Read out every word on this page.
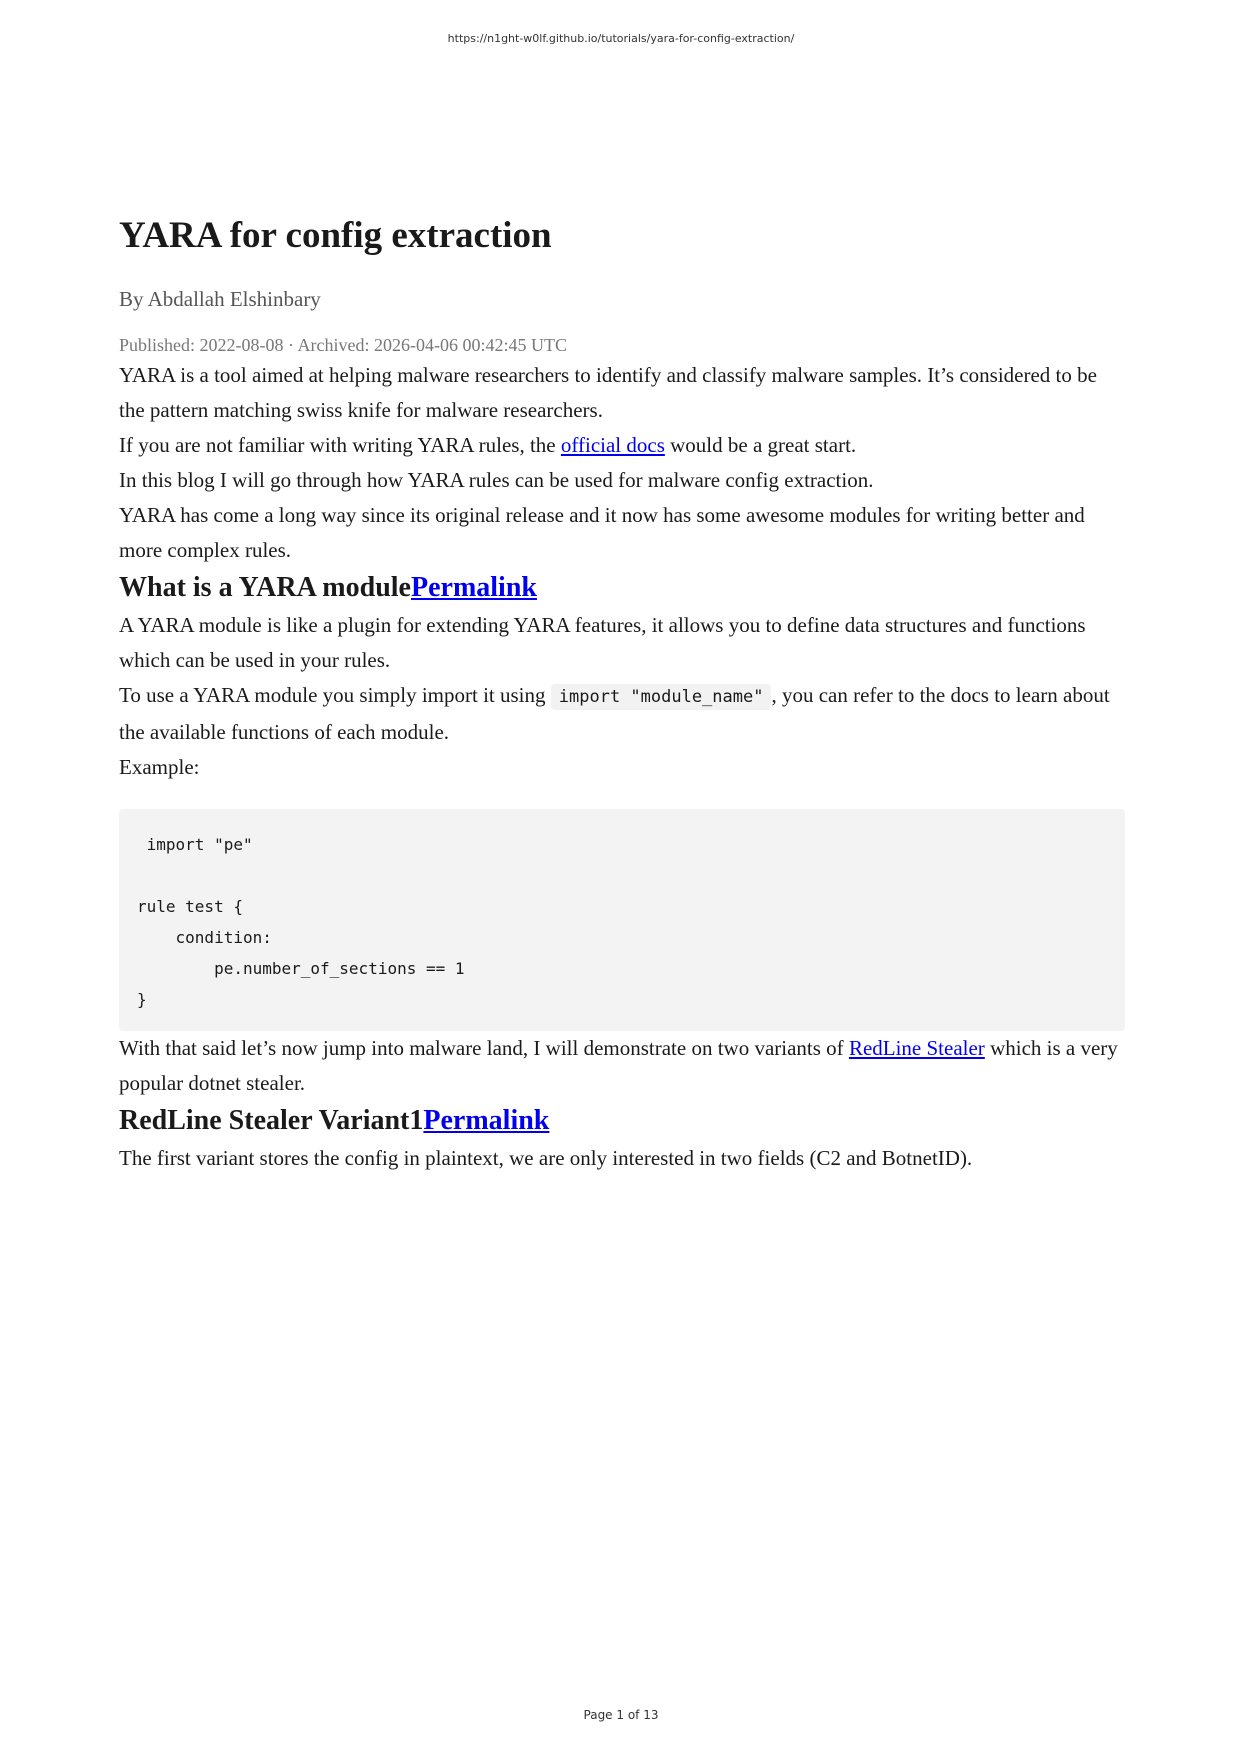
https://n1ght-w0lf.github.io/tutorials/yara-for-config-extraction/
YARA for config extraction
By Abdallah Elshinbary
Published: 2022-08-08 · Archived: 2026-04-06 00:42:45 UTC

YARA is a tool aimed at helping malware researchers to identify and classify malware samples. It’s considered to be the pattern matching swiss knife for malware researchers.

If you are not familiar with writing YARA rules, the official docs would be a great start.

In this blog I will go through how YARA rules can be used for malware config extraction.

YARA has come a long way since its original release and it now has some awesome modules for writing better and more complex rules.

What is a YARA modulePermalink

A YARA module is like a plugin for extending YARA features, it allows you to define data structures and functions which can be used in your rules.

To use a YARA module you simply import it using import "module_name" , you can refer to the docs to learn about the available functions of each module.

Example:

import "pe"

rule test {
condition:
pe.number_of_sections == 1
}

With that said let’s now jump into malware land, I will demonstrate on two variants of RedLine Stealer which is a very popular dotnet stealer.

RedLine Stealer Variant1Permalink

The first variant stores the config in plaintext, we are only interested in two fields (C2 and BotnetID).

Page 1 of 13
